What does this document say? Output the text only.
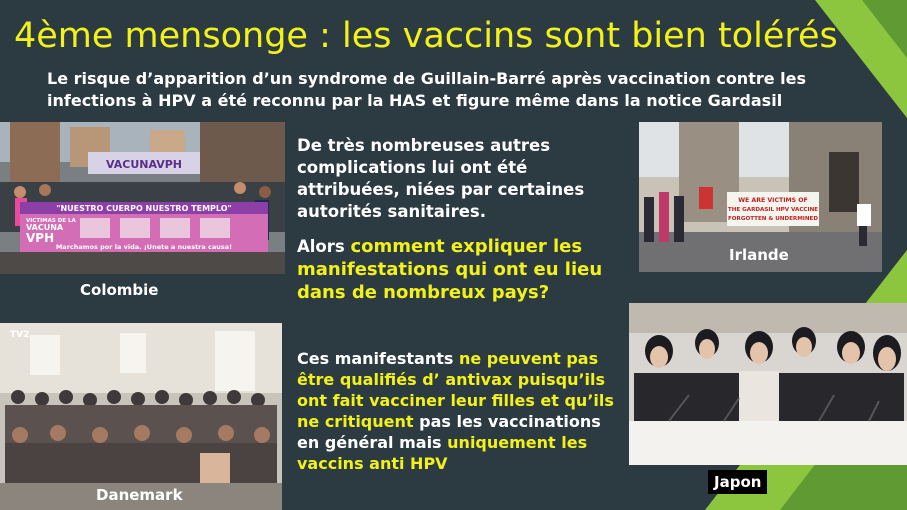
4ème mensonge : les vaccins sont bien tolérés
Le risque d’apparition d’un syndrome de Guillain-Barré après vaccination contre les infections à HPV a été reconnu par la HAS et figure même dans la notice Gardasil
VACUNAVPH
"NUESTRO CUERPO NUESTRO TEMPLO"
VICTIMAS DE LA
VACUNA
VPH
Marchamos por la vida. ¡Unete a nuestra causa!
Colombie
WE ARE VICTIMS OF
THE GARDASIL HPV VACCINE
FORGOTTEN & UNDERMINED
Irlande
TV2
Danemark
Japon
De très nombreuses autres complications lui ont été attribuées, niées par certaines autorités sanitaires.
Alors comment expliquer les manifestations qui ont eu lieu dans de nombreux pays?
Ces manifestants ne peuvent pas être qualifiés d’ antivax puisqu’ils ont fait vacciner leur filles et qu’ils ne critiquent pas les vaccinations en général mais uniquement les vaccins anti HPV
